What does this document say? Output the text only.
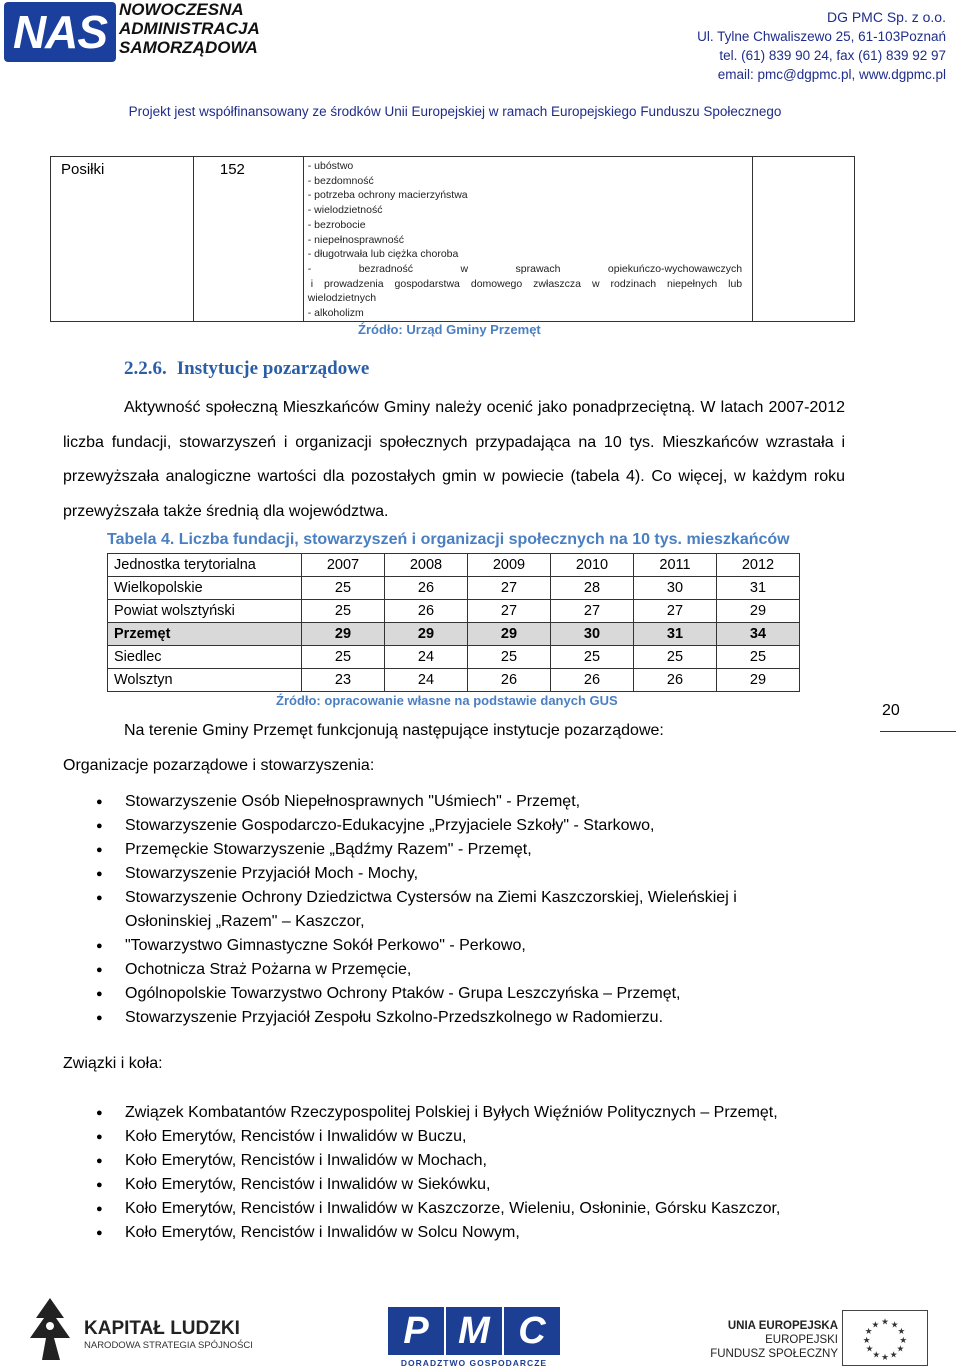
NAS NOWOCZESNA
ADMINISTRACJA
SAMORZĄDOWA
DG PMC Sp. z o.o.
Ul. Tylne Chwaliszewo 25, 61-103Poznań
tel. (61) 839 90 24, fax (61) 839 92 97
email: pmc@dgpmc.pl, www.dgpmc.pl
Projekt jest współfinansowany ze środków Unii Europejskiej w ramach Europejskiego Funduszu Społecznego
Posiłki	152	- ubóstwo
- bezdomność
- potrzeba ochrony macierzyństwa
- wielodzietność
- bezrobocie
- niepełnosprawność
- długotrwała lub ciężka choroba
- bezradność w sprawach opiekuńczo-wychowawczych
i prowadzenia gospodarstwa domowego zwłaszcza w rodzinach niepełnych lub
wielodzietnych
- alkoholizm

Źródło: Urząd Gminy Przemęt
2.2.6. Instytucje pozarządowe
Aktywność społeczną Mieszkańców Gminy należy ocenić jako ponadprzeciętną. W latach 2007-2012 liczba fundacji, stowarzyszeń i organizacji społecznych przypadająca na 10 tys. Mieszkańców wzrastała i przewyższała analogiczne wartości dla pozostałych gmin w powiecie (tabela 4). Co więcej, w każdym roku przewyższała także średnią dla województwa.
Tabela 4. Liczba fundacji, stowarzyszeń i organizacji społecznych na 10 tys. mieszkańców
Jednostka terytorialna	2007	2008	2009	2010	2011	2012
Wielkopolskie	25	26	27	28	30	31
Powiat wolsztyński	25	26	27	27	27	29
Przemęt	29	29	29	30	31	34
Siedlec	25	24	25	25	25	25
Wolsztyn	23	24	26	26	26	29
Źródło: opracowanie własne na podstawie danych GUS
20
Na terenie Gminy Przemęt funkcjonują następujące instytucje pozarządowe:
Organizacje pozarządowe i stowarzyszenia:
● Stowarzyszenie Osób Niepełnosprawnych "Uśmiech" - Przemęt,
● Stowarzyszenie Gospodarczo-Edukacyjne „Przyjaciele Szkoły" - Starkowo,
● Przemęckie Stowarzyszenie „Bądźmy Razem" - Przemęt,
● Stowarzyszenie Przyjaciół Moch - Mochy,
● Stowarzyszenie Ochrony Dziedzictwa Cystersów na Ziemi Kaszczorskiej, Wieleńskiej i Osłoninskiej „Razem" – Kaszczor,
● "Towarzystwo Gimnastyczne Sokół Perkowo" - Perkowo,
● Ochotnicza Straż Pożarna w Przemęcie,
● Ogólnopolskie Towarzystwo Ochrony Ptaków - Grupa Leszczyńska – Przemęt,
● Stowarzyszenie Przyjaciół Zespołu Szkolno-Przedszkolnego w Radomierzu.
Związki i koła:
● Związek Kombatantów Rzeczypospolitej Polskiej i Byłych Więźniów Politycznych – Przemęt,
● Koło Emerytów, Rencistów i Inwalidów w Buczu,
● Koło Emerytów, Rencistów i Inwalidów w Mochach,
● Koło Emerytów, Rencistów i Inwalidów w Siekówku,
● Koło Emerytów, Rencistów i Inwalidów w Kaszczorze, Wieleniu, Osłoninie, Górsku Kaszczor,
● Koło Emerytów, Rencistów i Inwalidów w Solcu Nowym,
KAPITAŁ LUDZKI
NARODOWA STRATEGIA SPÓJNOŚCI	P M C
DORADZTWO GOSPODARCZE
UNIA EUROPEJSKA
EUROPEJSKI
FUNDUSZ SPOŁECZNY
★ ★
★
★
★
★
★
★
★
★
★
★
